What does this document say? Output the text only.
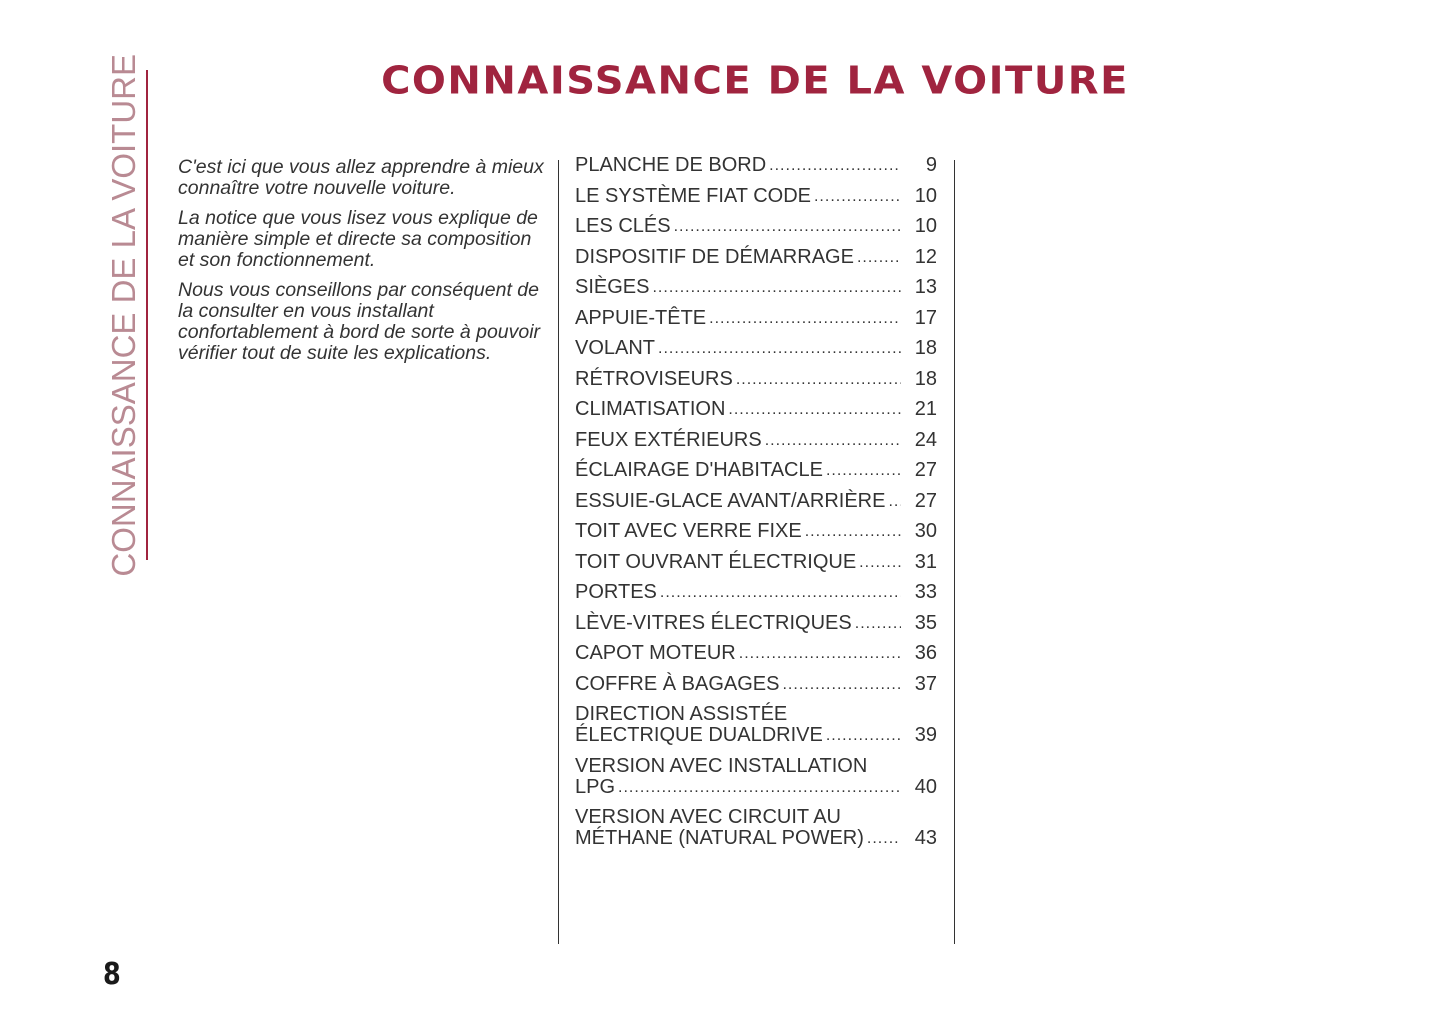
CONNAISSANCE DE LA VOITURE	CONNAISSANCE DE LA VOITURE

C'est ici que vous allez apprendre à mieux connaître votre nouvelle voiture.

La notice que vous lisez vous explique de manière simple et directe sa composition et son fonctionnement.

Nous vous conseillons par conséquent de la consulter en vous installant confortablement à bord de sorte à pouvoir vérifier tout de suite les explications.

PLANCHE DE BORD .....	9
LE SYSTÈME FIAT CODE .....	10
LES CLÉS .....	10
DISPOSITIF DE DÉMARRAGE .....	12
SIÈGES .....	13
APPUIE-TÊTE .....	17
VOLANT .....	18
RÉTROVISEURS .....	18
CLIMATISATION .....	21
FEUX EXTÉRIEURS .....	24
ÉCLAIRAGE D'HABITACLE .....	27
ESSUIE-GLACE AVANT/ARRIÈRE .....	27
TOIT AVEC VERRE FIXE .....	30
TOIT OUVRANT ÉLECTRIQUE .....	31
PORTES .....	33
LÈVE-VITRES ÉLECTRIQUES .....	35
CAPOT MOTEUR .....	36
COFFRE À BAGAGES .....	37
DIRECTION ASSISTÉE
ÉLECTRIQUE DUALDRIVE .....	39
VERSION AVEC INSTALLATION
LPG .....	40
VERSION AVEC CIRCUIT AU
MÉTHANE (NATURAL POWER) .....	43
8
